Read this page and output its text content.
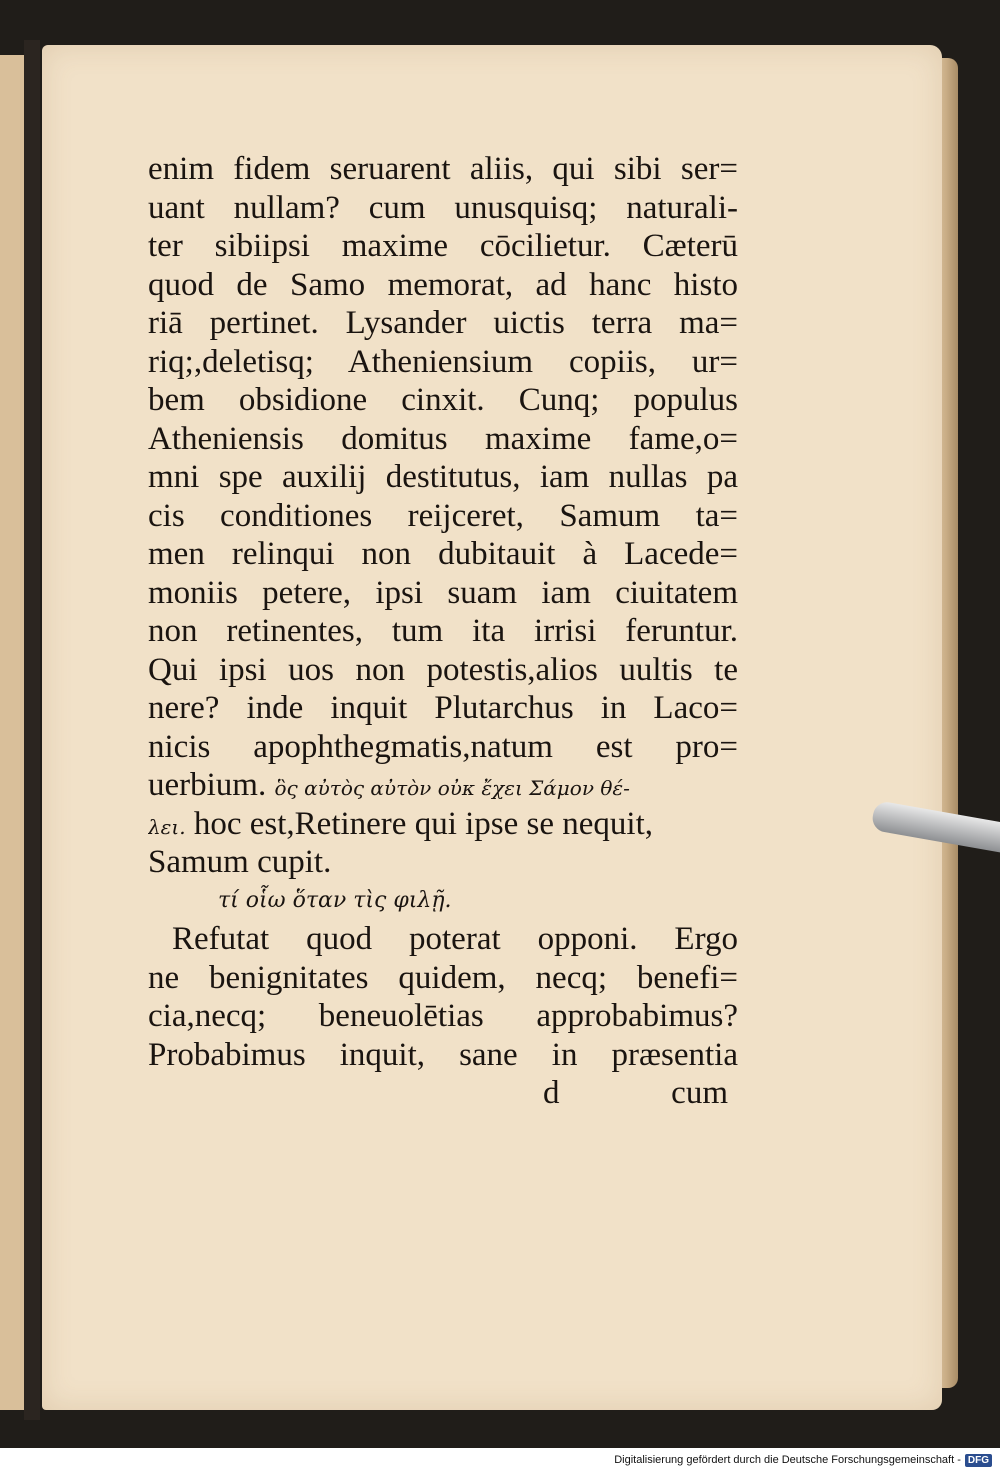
enim fidem seruarent aliis, qui sibi ser=
uant nullam? cum unusquisq; naturali-
ter sibiipsi maxime cōcilietur. Cæterū
quod de Samo memorat, ad hanc histo
riā pertinet. Lysander uictis terra ma=
riq;,deletisq; Atheniensium copiis, ur=
bem obsidione cinxit. Cunq; populus
Atheniensis domitus maxime fame,o=
mni spe auxilij destitutus, iam nullas pa
cis conditiones reijceret, Samum ta=
men relinqui non dubitauit à Lacede=
moniis petere, ipsi suam iam ciuitatem
non retinentes, tum ita irrisi feruntur.
Qui ipsi uos non potestis,alios uultis te
nere? inde inquit Plutarchus in Laco=
nicis apophthegmatis,natum est pro=
uerbium. ὃς αὐτὸς αὐτὸν οὐκ ἔχει Σάμον θέ-
λει. hoc est,Retinere qui ipse se nequit,
Samum cupit.
τί οἷω ὅταν τὶς φιλῇ.
Refutat quod poterat opponi. Ergo
ne benignitates quidem, necq; benefi=
cia,necq; beneuolētias approbabimus?
Probabimus inquit, sane in præsentia
d	cum
Digitalisierung gefördert durch die Deutsche Forschungsgemeinschaft - DFG
